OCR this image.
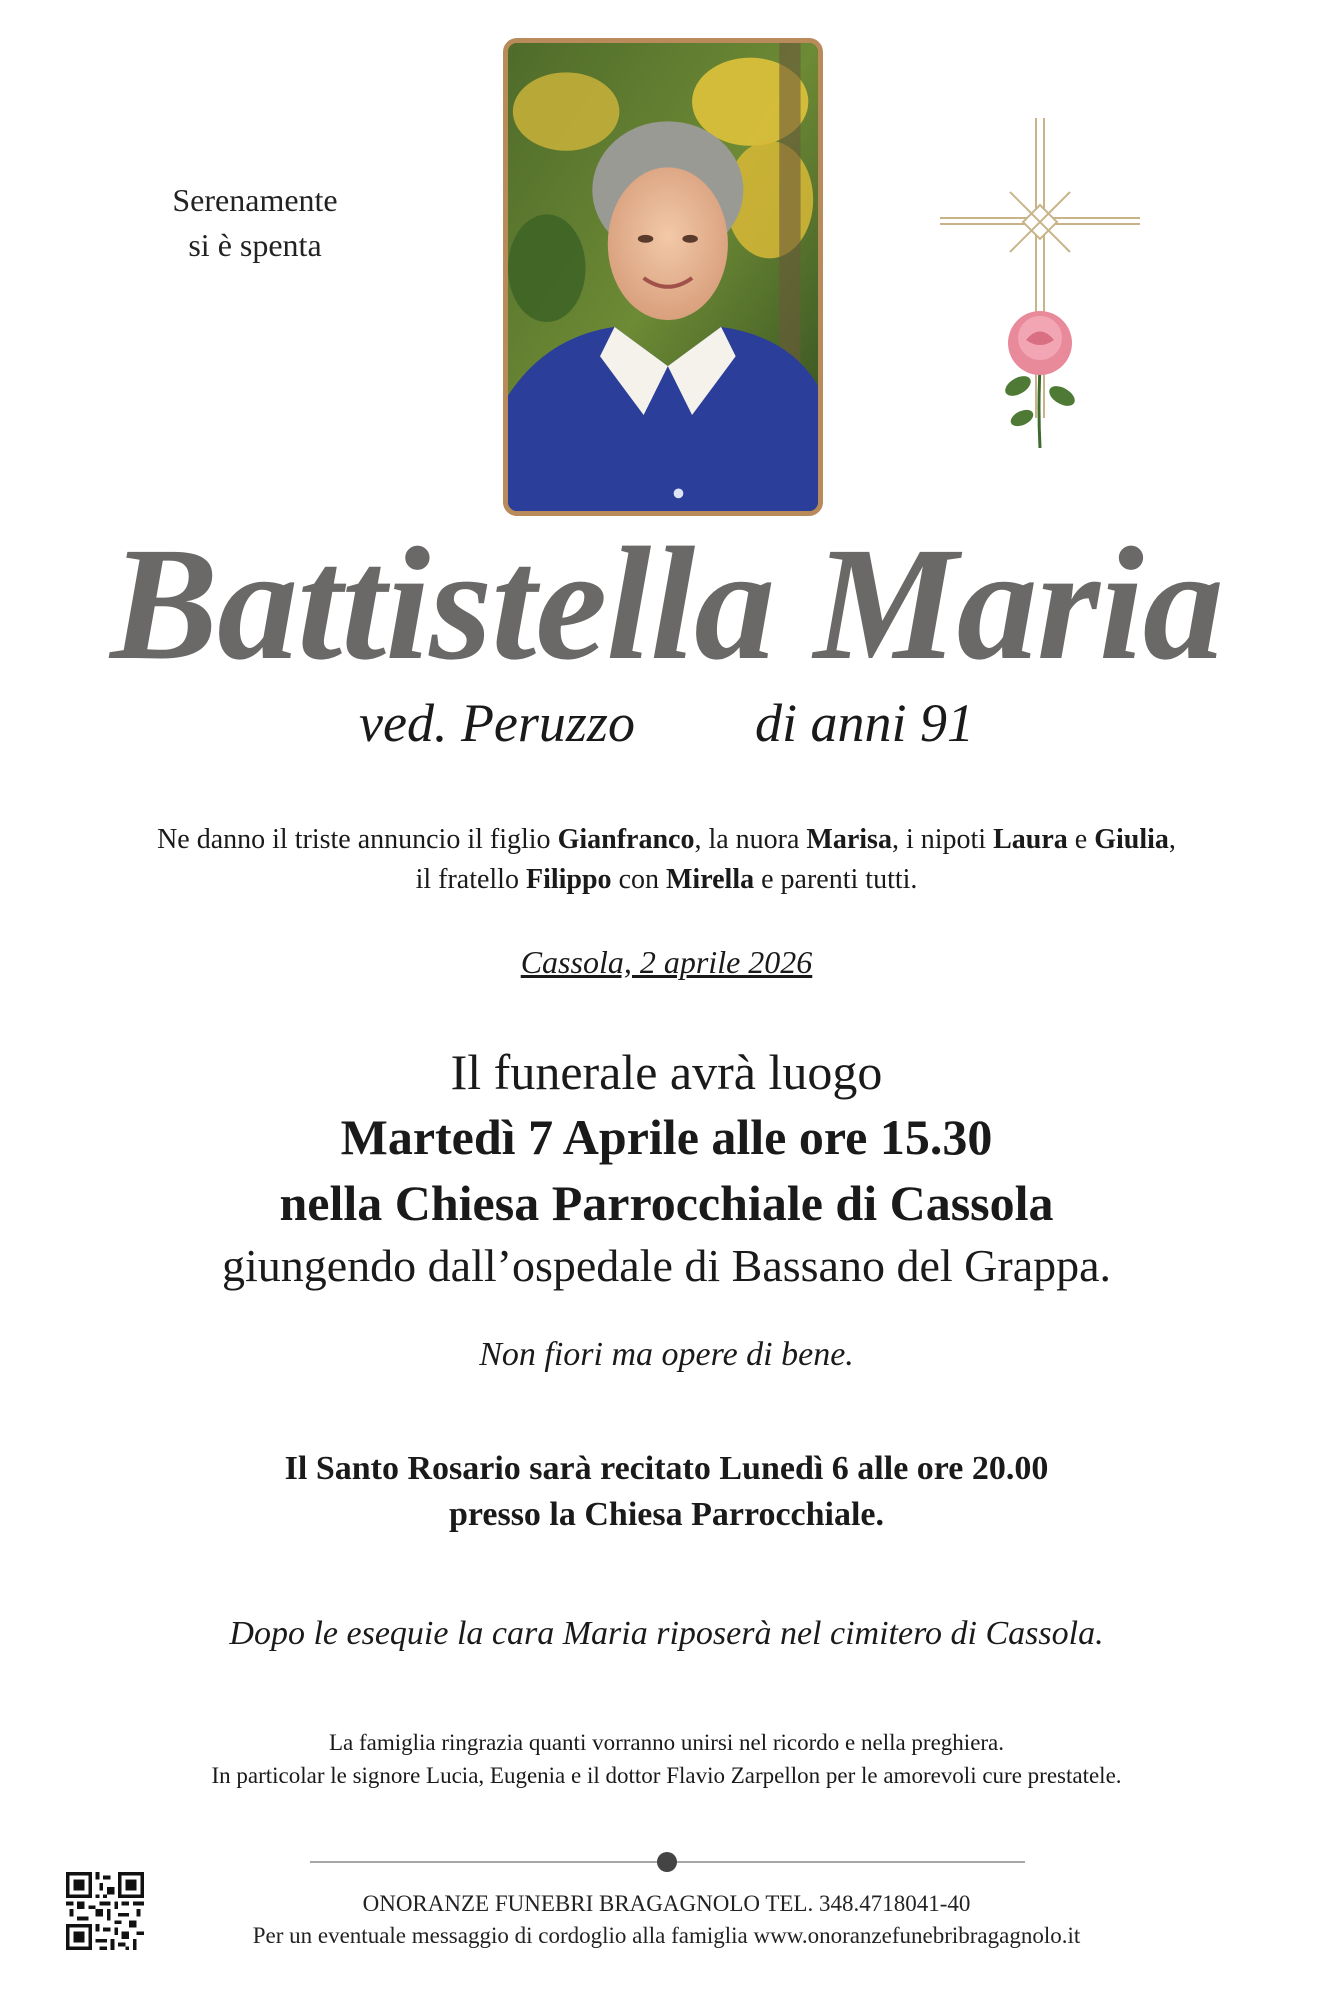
Serenamente
si è spenta
Battistella Maria
ved. Peruzzo di anni 91
Ne danno il triste annuncio il figlio Gianfranco, la nuora Marisa, i nipoti Laura e Giulia,
il fratello Filippo con Mirella e parenti tutti.
Cassola, 2 aprile 2026
Il funerale avrà luogo
Martedì 7 Aprile alle ore 15.30
nella Chiesa Parrocchiale di Cassola
giungendo dall’ospedale di Bassano del Grappa.
Non fiori ma opere di bene.
Il Santo Rosario sarà recitato Lunedì 6 alle ore 20.00
presso la Chiesa Parrocchiale.
Dopo le esequie la cara Maria riposerà nel cimitero di Cassola.
La famiglia ringrazia quanti vorranno unirsi nel ricordo e nella preghiera.
In particolar le signore Lucia, Eugenia e il dottor Flavio Zarpellon per le amorevoli cure prestatele.
ONORANZE FUNEBRI BRAGAGNOLO TEL. 348.4718041-40
Per un eventuale messaggio di cordoglio alla famiglia www.onoranzefunebribragagnolo.it
